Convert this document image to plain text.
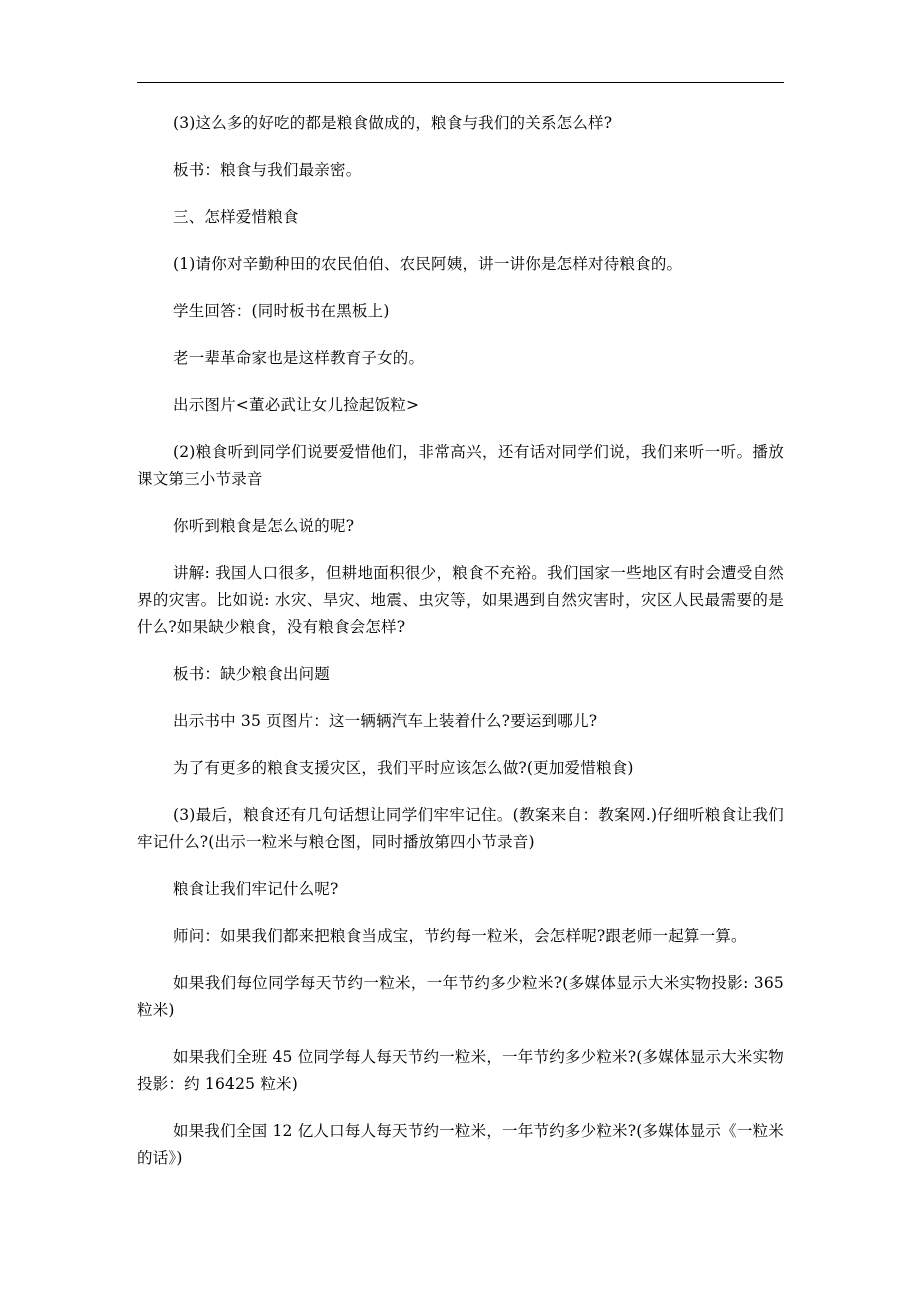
(3)这么多的好吃的都是粮食做成的，粮食与我们的关系怎么样?

板书：粮食与我们最亲密。

三、怎样爱惜粮食

(1)请你对辛勤种田的农民伯伯、农民阿姨，讲一讲你是怎样对待粮食的。

学生回答：(同时板书在黑板上)

老一辈革命家也是这样教育子女的。

出示图片<董必武让女儿捡起饭粒>

(2)粮食听到同学们说要爱惜他们，非常高兴，还有话对同学们说，我们来听一听。播放课文第三小节录音

你听到粮食是怎么说的呢?

讲解: 我国人口很多，但耕地面积很少，粮食不充裕。我们国家一些地区有时会遭受自然界的灾害。比如说: 水灾、旱灾、地震、虫灾等，如果遇到自然灾害时，灾区人民最需要的是什么?如果缺少粮食，没有粮食会怎样?

板书：缺少粮食出问题

出示书中 35 页图片：这一辆辆汽车上装着什么?要运到哪儿?

为了有更多的粮食支援灾区，我们平时应该怎么做?(更加爱惜粮食)

(3)最后，粮食还有几句话想让同学们牢牢记住。(教案来自：教案网.)仔细听粮食让我们牢记什么?(出示一粒米与粮仓图，同时播放第四小节录音)

粮食让我们牢记什么呢?

师问：如果我们都来把粮食当成宝，节约每一粒米，会怎样呢?跟老师一起算一算。

如果我们每位同学每天节约一粒米，一年节约多少粒米?(多媒体显示大米实物投影: 365 粒米)

如果我们全班 45 位同学每人每天节约一粒米，一年节约多少粒米?(多媒体显示大米实物投影：约 16425 粒米)

如果我们全国 12 亿人口每人每天节约一粒米，一年节约多少粒米?(多媒体显示《一粒米的话》)
